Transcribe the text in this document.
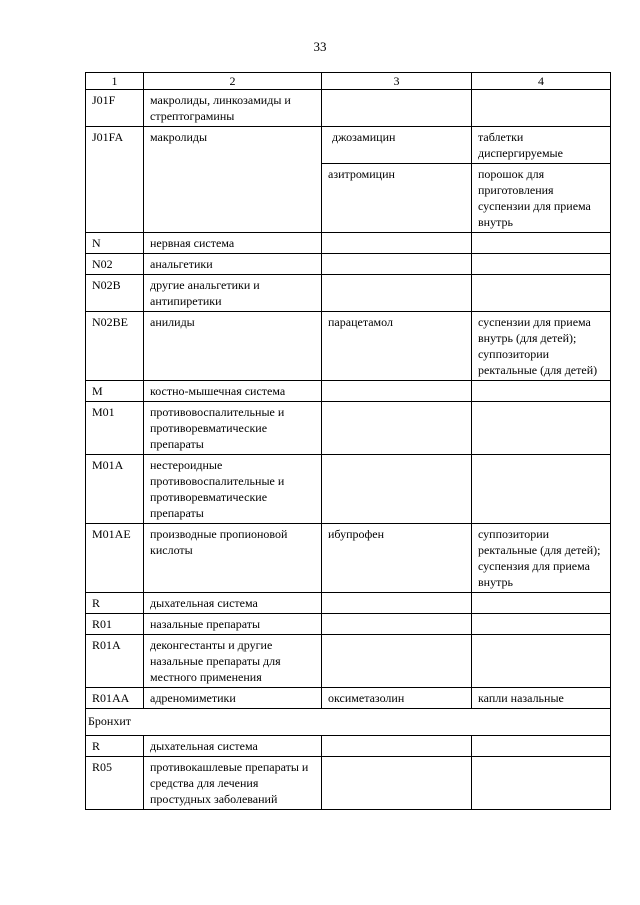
33
1	2	3	4
J01F	макролиды, линкозамиды и стрептограмины		
J01FA	макролиды	джозамицин	таблетки диспергируемые
		азитромицин	порошок для приготовления суспензии для приема внутрь
N	нервная система		
N02	анальгетики		
N02B	другие анальгетики и антипиретики		
N02BE	анилиды	парацетамол	суспензии для приема внутрь (для детей);
суппозитории ректальные (для детей)
M	костно-мышечная система		
M01	противовоспалительные и противоревматические препараты		
M01A	нестероидные противовоспалительные и противоревматические препараты		
M01AE	производные пропионовой кислоты	ибупрофен	суппозитории ректальные (для детей);
суспензия для приема внутрь
R	дыхательная система		
R01	назальные препараты		
R01A	деконгестанты и другие назальные препараты для местного применения		
R01AA	адреномиметики	оксиметазолин	капли назальные
Бронхит			
R	дыхательная система		
R05	противокашлевые препараты и средства для лечения простудных заболеваний		
